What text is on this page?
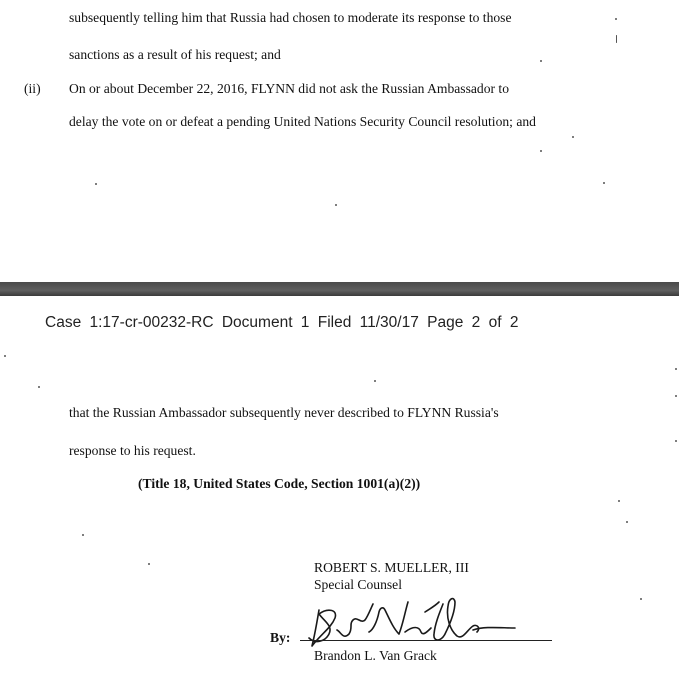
subsequently telling him that Russia had chosen to moderate its response to those
sanctions as a result of his request; and
(ii) On or about December 22, 2016, FLYNN did not ask the Russian Ambassador to
delay the vote on or defeat a pending United Nations Security Council resolution; and
Case 1:17-cr-00232-RC Document 1 Filed 11/30/17 Page 2 of 2
that the Russian Ambassador subsequently never described to FLYNN Russia's
response to his request.
(Title 18, United States Code, Section 1001(a)(2))
ROBERT S. MUELLER, III
Special Counsel
By:
Brandon L. Van Grack
